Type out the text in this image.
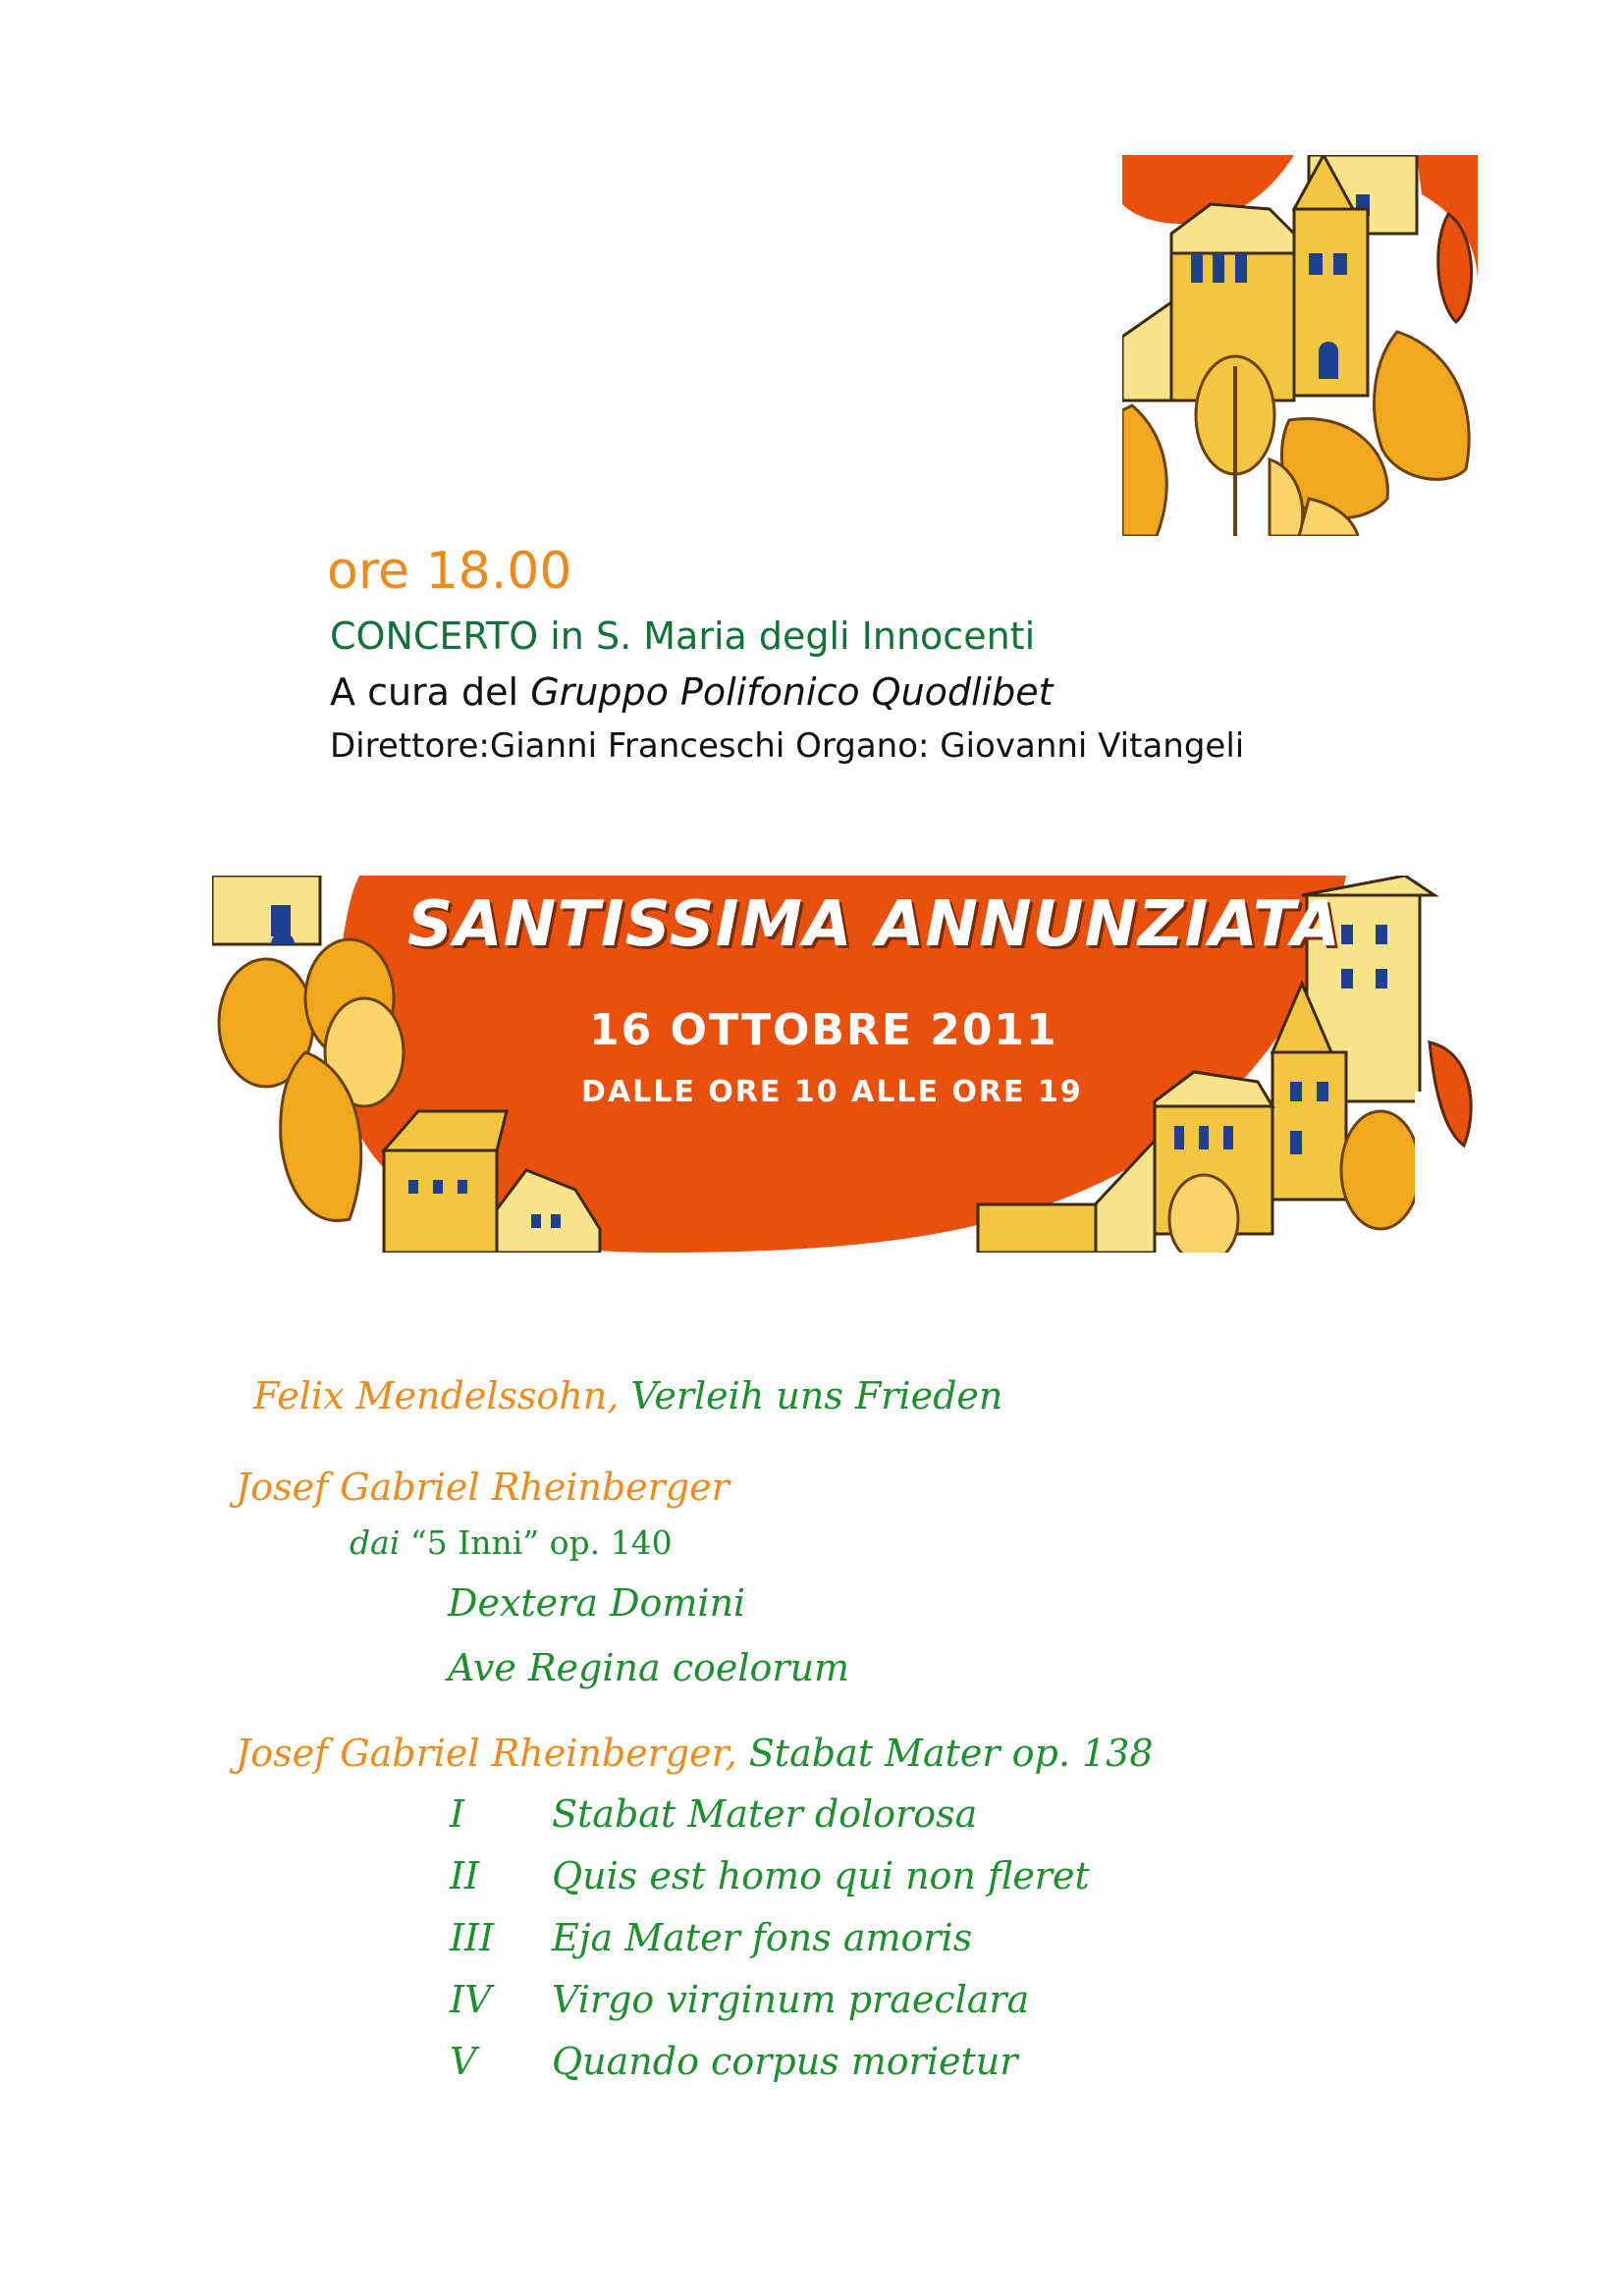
ore 18.00
CONCERTO in S. Maria degli Innocenti
A cura del Gruppo Polifonico Quodlibet
Direttore:Gianni Franceschi Organo: Giovanni Vitangeli
SANTISSIMA ANNUNZIATA
16 OTTOBRE 2011
DALLE ORE 10 ALLE ORE 19
Felix Mendelssohn, Verleih uns Frieden
Josef Gabriel Rheinberger
dai “5 Inni” op. 140
Dextera Domini
Ave Regina coelorum
Josef Gabriel Rheinberger, Stabat Mater op. 138
I Stabat Mater dolorosa
II Quis est homo qui non fleret
III Eja Mater fons amoris
IV Virgo virginum praeclara
V Quando corpus morietur
